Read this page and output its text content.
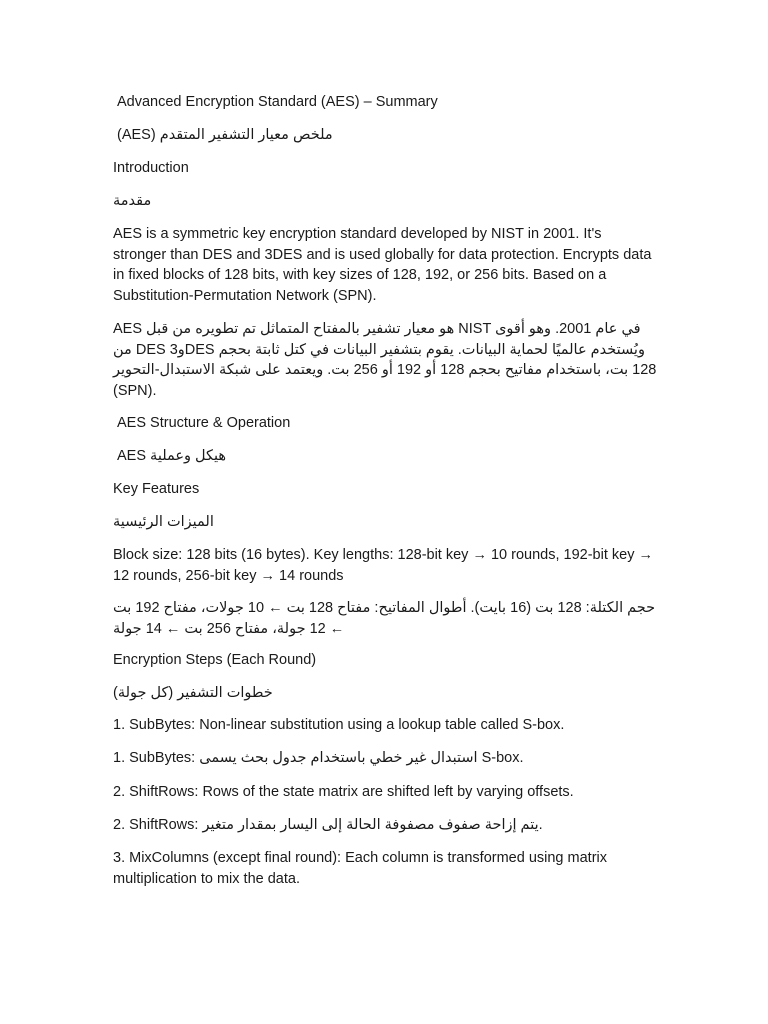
Advanced Encryption Standard (AES) – Summary

ملخص معيار التشفير المتقدم (AES)

Introduction

مقدمة

AES is a symmetric key encryption standard developed by NIST in 2001. It's stronger than DES and 3DES and is used globally for data protection. Encrypts data in fixed blocks of 128 bits, with key sizes of 128, 192, or 256 bits. Based on a Substitution-Permutation Network (SPN).

AES هو معيار تشفير بالمفتاح المتماثل تم تطويره من قبل NIST في عام 2001. وهو أقوى من DES و3DES ويُستخدم عالميًا لحماية البيانات. يقوم بتشفير البيانات في كتل ثابتة بحجم 128 بت، باستخدام مفاتيح بحجم 128 أو 192 أو 256 بت. ويعتمد على شبكة الاستبدال-التحوير (SPN).

AES Structure & Operation

هيكل وعملية AES

Key Features

الميزات الرئيسية

Block size: 128 bits (16 bytes). Key lengths: 128-bit key → 10 rounds, 192-bit key → 12 rounds, 256-bit key → 14 rounds

حجم الكتلة: 128 بت (16 بايت). أطوال المفاتيح: مفتاح 128 بت ← 10 جولات، مفتاح 192 بت ← 12 جولة، مفتاح 256 بت ← 14 جولة

Encryption Steps (Each Round)

خطوات التشفير (كل جولة)

1. SubBytes: Non-linear substitution using a lookup table called S-box.

1. SubBytes: استبدال غير خطي باستخدام جدول بحث يسمى S-box.

2. ShiftRows: Rows of the state matrix are shifted left by varying offsets.

2. ShiftRows: يتم إزاحة صفوف مصفوفة الحالة إلى اليسار بمقدار متغير.

3. MixColumns (except final round): Each column is transformed using matrix multiplication to mix the data.
